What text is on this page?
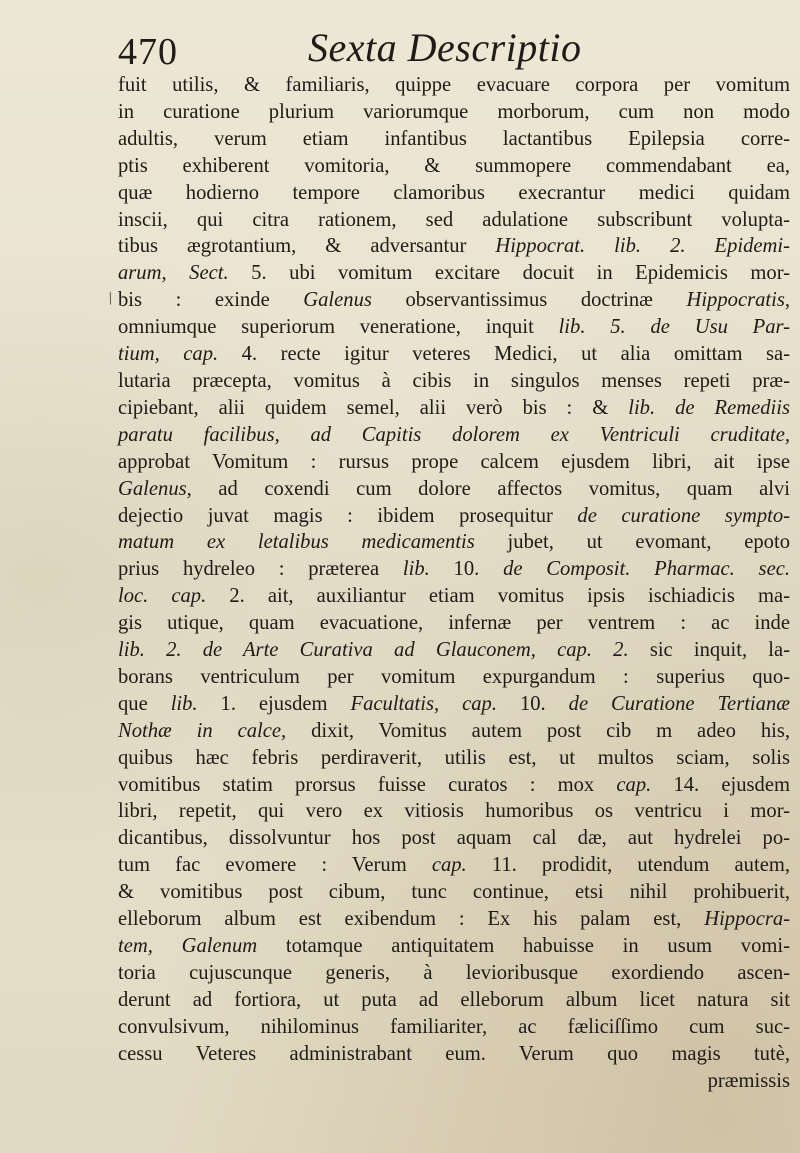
/
470	Sexta Descriptio
fuit utilis, & familiaris, quippe evacuare corpora per vomitum
in curatione plurium variorumque morborum, cum non modo
adultis, verum etiam infantibus lactantibus Epilepsia corre-
ptis exhiberent vomitoria, & summopere commendabant ea,
quæ hodierno tempore clamoribus execrantur medici quidam
inscii, qui citra rationem, sed adulatione subscribunt volupta-
tibus ægrotantium, & adversantur Hippocrat. lib. 2. Epidemi-
arum, Sect. 5. ubi vomitum excitare docuit in Epidemicis mor-
bis : exinde Galenus observantissimus doctrinæ Hippocratis,
omniumque superiorum veneratione, inquit lib. 5. de Usu Par-
tium, cap. 4. recte igitur veteres Medici, ut alia omittam sa-
lutaria præcepta, vomitus à cibis in singulos menses repeti præ-
cipiebant, alii quidem semel, alii verò bis : & lib. de Remediis
paratu facilibus, ad Capitis dolorem ex Ventriculi cruditate,
approbat Vomitum : rursus prope calcem ejusdem libri, ait ipse
Galenus, ad coxendi cum dolore affectos vomitus, quam alvi
dejectio juvat magis : ibidem prosequitur de curatione sympto-
matum ex letalibus medicamentis jubet, ut evomant, epoto
prius hydreleo : præterea lib. 10. de Composit. Pharmac. sec.
loc. cap. 2. ait, auxiliantur etiam vomitus ipsis ischiadicis ma-
gis utique, quam evacuatione, infernæ per ventrem : ac inde
lib. 2. de Arte Curativa ad Glauconem, cap. 2. sic inquit, la-
borans ventriculum per vomitum expurgandum : superius quo-
que lib. 1. ejusdem Facultatis, cap. 10. de Curatione Tertianæ
Nothæ in calce, dixit, Vomitus autem post cib m adeo his,
quibus hæc febris perdiraverit, utilis est, ut multos sciam, solis
vomitibus statim prorsus fuisse curatos : mox cap. 14. ejusdem
libri, repetit, qui vero ex vitiosis humoribus os ventricu i mor-
dicantibus, dissolvuntur hos post aquam cal dæ, aut hydrelei po-
tum fac evomere : Verum cap. 11. prodidit, utendum autem,
& vomitibus post cibum, tunc continue, etsi nihil prohibuerit,
elleborum album est exibendum : Ex his palam est, Hippocra-
tem, Galenum totamque antiquitatem habuisse in usum vomi-
toria cujuscunque generis, à levioribusque exordiendo ascen-
derunt ad fortiora, ut puta ad elleborum album licet natura sit
convulsivum, nihilominus familiariter, ac fæliciſſimo cum suc-
cessu Veteres administrabant eum. Verum quo magis tutè,
præmissis
